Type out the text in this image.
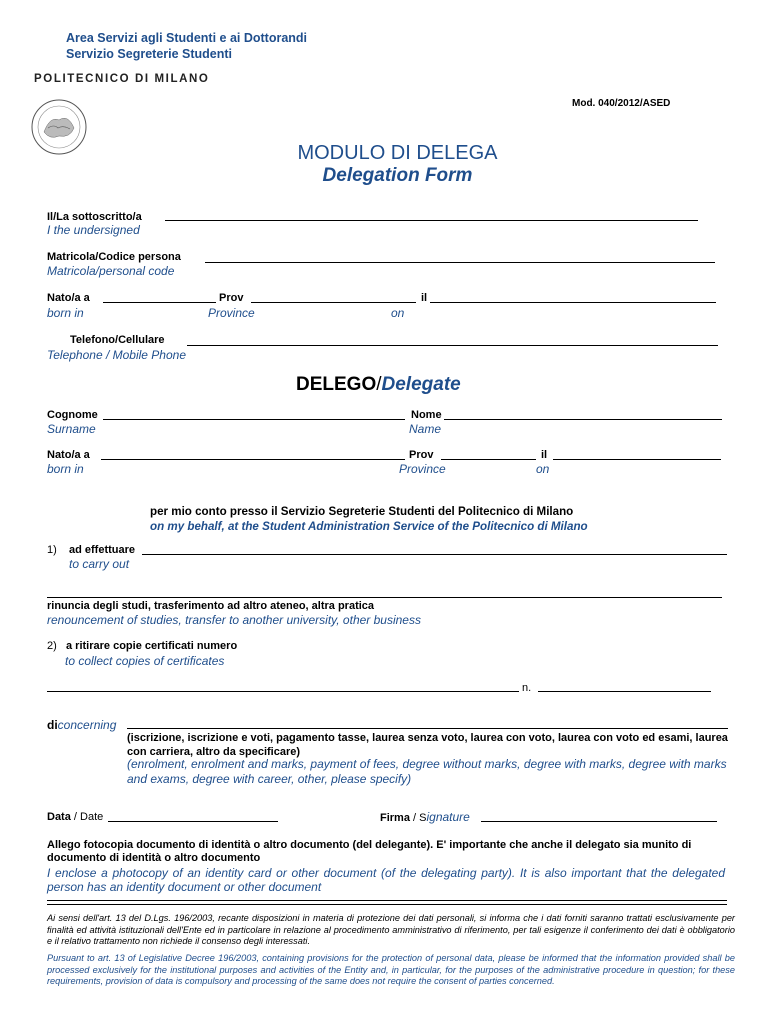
Area Servizi agli Studenti e ai Dottorandi
Servizio Segreterie Studenti
POLITECNICO DI MILANO
Mod. 040/2012/ASED
MODULO DI DELEGA
Delegation Form
Il/La sottoscritto/a
I the undersigned
Matricola/Codice persona
Matricola/personal code
Nato/a a	Prov	il
born in	Province	on
Telefono/Cellulare
Telephone / Mobile Phone
DELEGO/Delegate
Cognome	Nome
Surname	Name
Nato/a a	Prov	il
born in	Province	on
per mio conto presso il Servizio Segreterie Studenti del Politecnico di Milano
on my behalf, at the Student Administration Service of the Politecnico di Milano
1) ad effettuare
to carry out
rinuncia degli studi, trasferimento ad altro ateneo, altra pratica
renouncement of studies, transfer to another university, other business
2) a ritirare copie certificati numero
to collect copies of certificates
n.
diconcerning
(iscrizione, iscrizione e voti, pagamento tasse, laurea senza voto, laurea con voto, laurea con voto ed esami, laurea con carriera, altro da specificare)
(enrolment, enrolment and marks, payment of fees, degree without marks, degree with marks, degree with marks and exams, degree with career, other, please specify)
Data / Date	Firma / Signature
Allego fotocopia documento di identità o altro documento (del delegante). E' importante che anche il delegato sia munito di documento di identità o altro documento
I enclose a photocopy of an identity card or other document (of the delegating party). It is also important that the delegated person has an identity document or other document
Ai sensi dell'art. 13 del D.Lgs. 196/2003, recante disposizioni in materia di protezione dei dati personali, si informa che i dati forniti saranno trattati esclusivamente per finalità ed attività istituzionali dell'Ente ed in particolare in relazione al procedimento amministrativo di riferimento, per tali esigenze il conferimento dei dati è obbligatorio e il relativo trattamento non richiede il consenso degli interessati.
Pursuant to art. 13 of Legislative Decree 196/2003, containing provisions for the protection of personal data, please be informed that the information provided shall be processed exclusively for the institutional purposes and activities of the Entity and, in particular, for the purposes of the administrative procedure in question; for these requirements, provision of data is compulsory and processing of the same does not require the consent of parties concerned.
